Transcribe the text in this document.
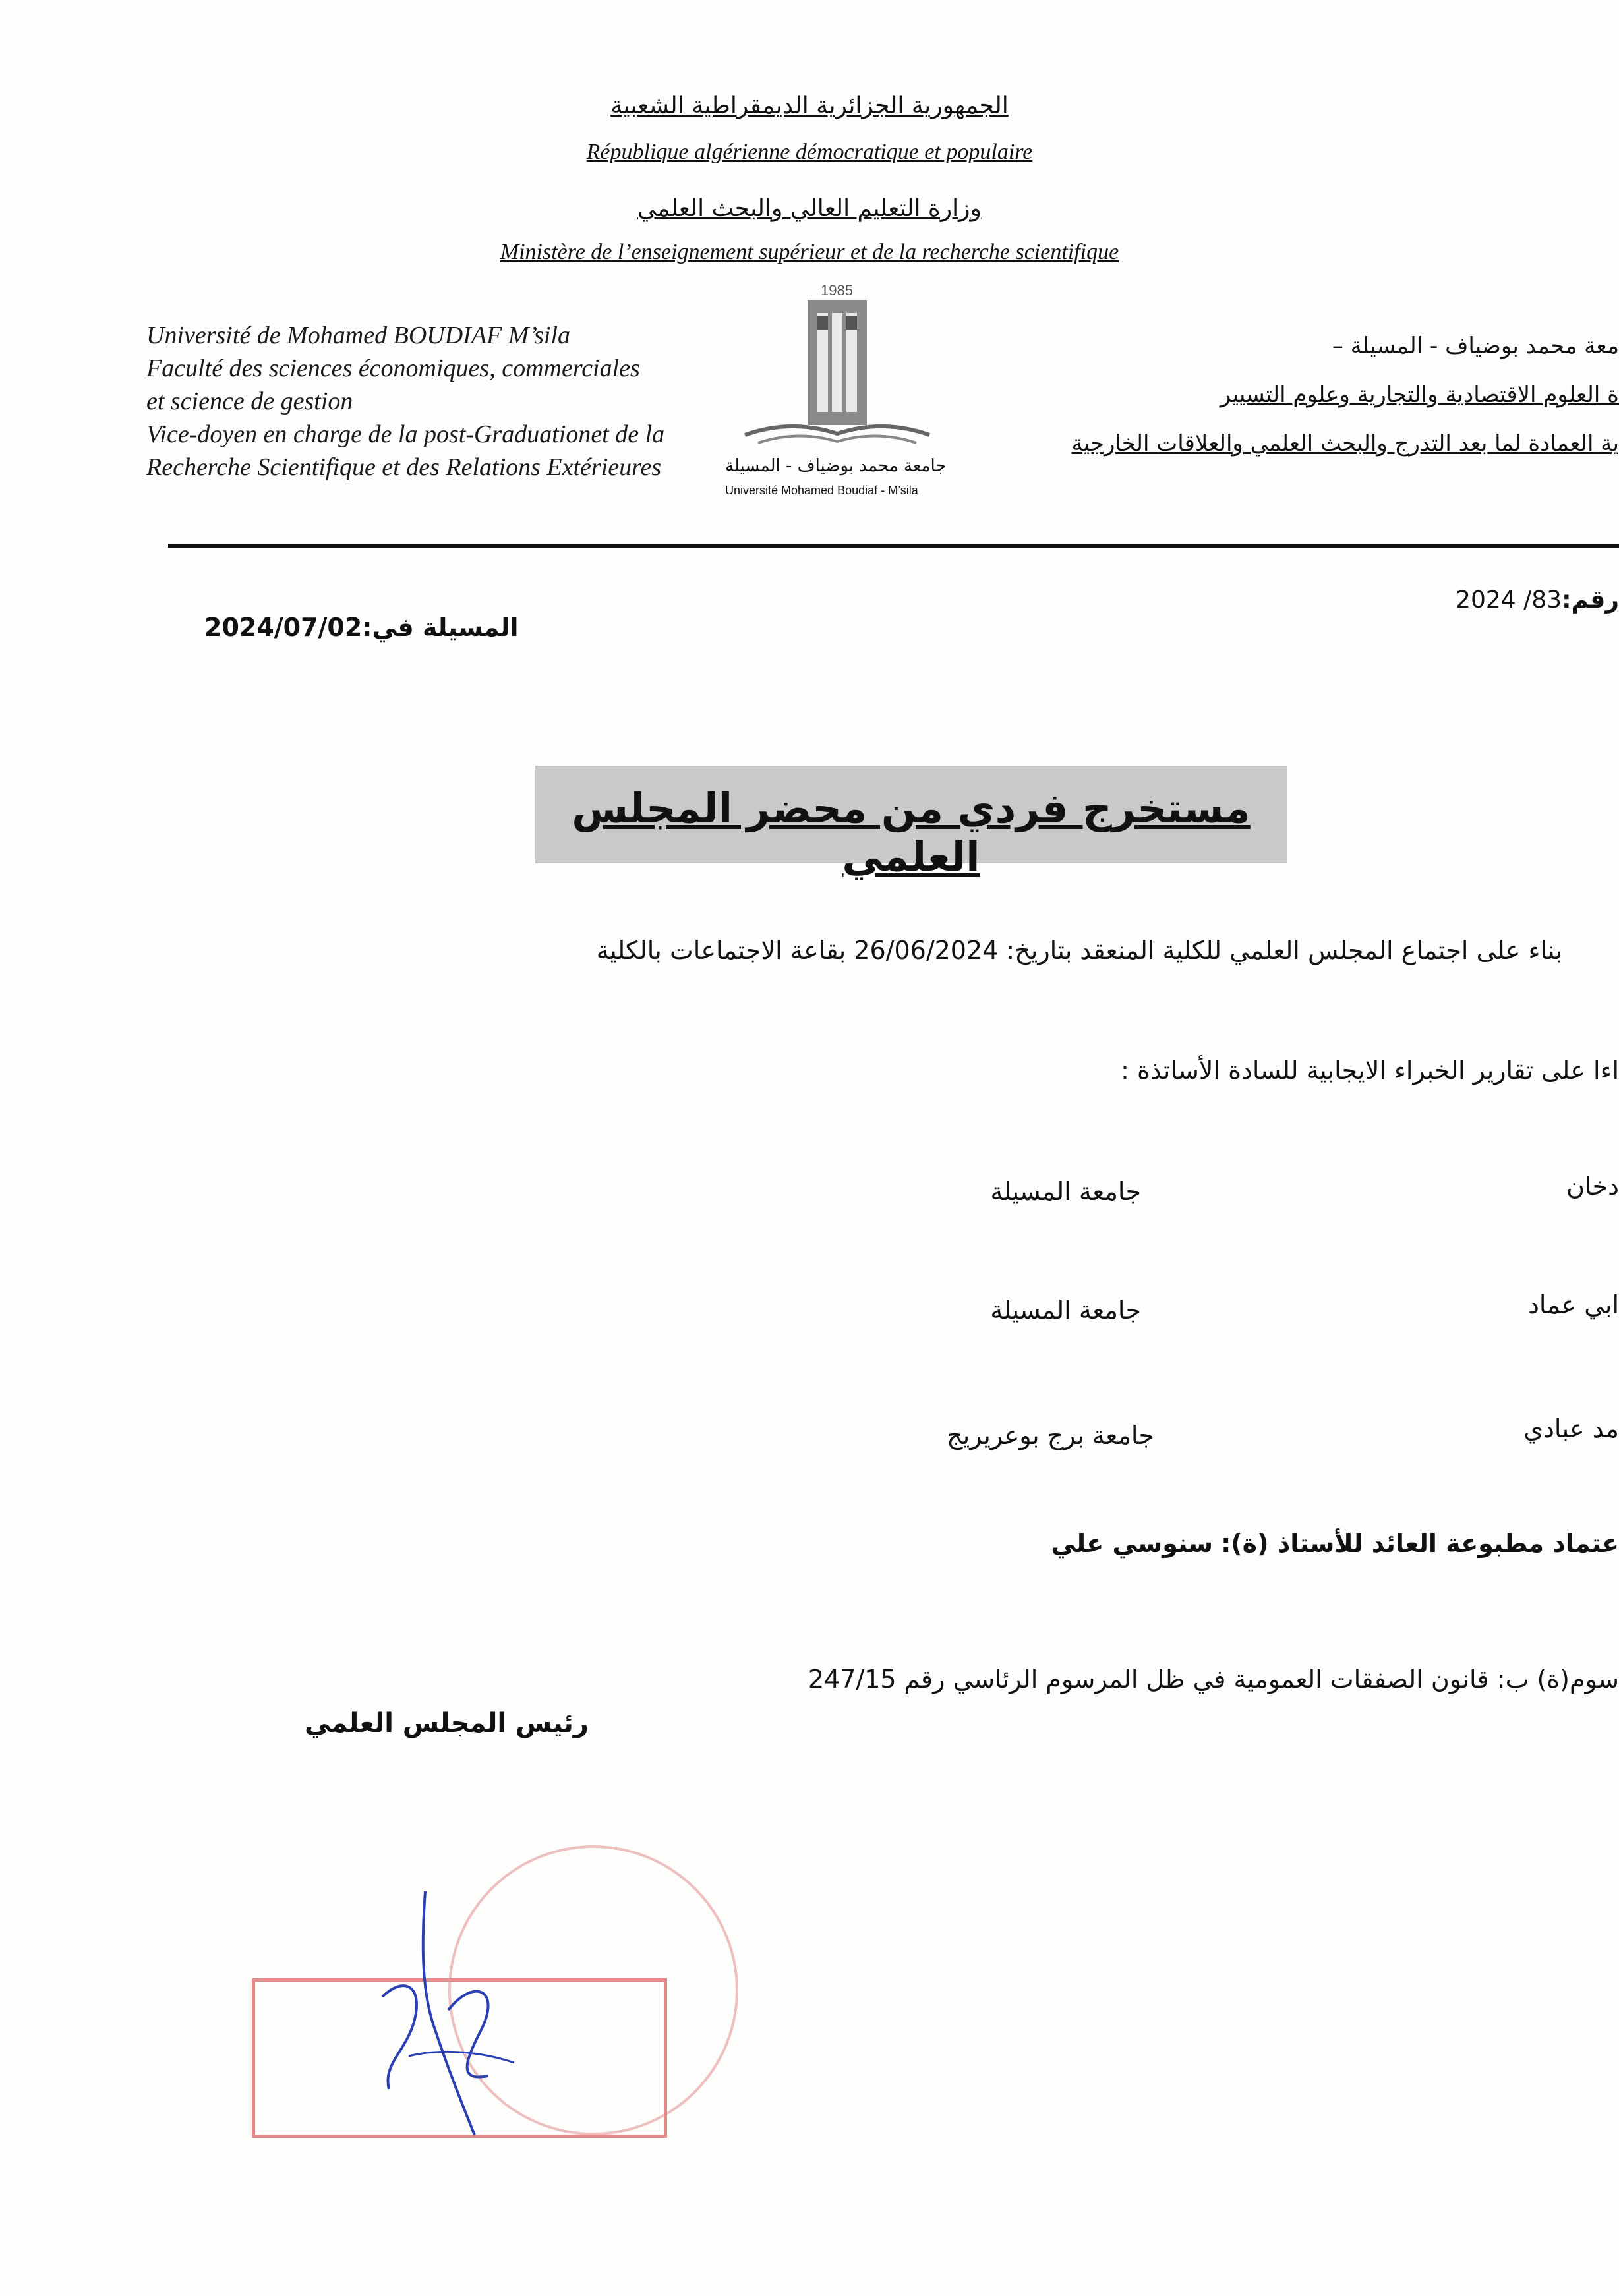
الجمهورية الجزائرية الديمقراطية الشعبية
République algérienne démocratique et populaire
وزارة التعليم العالي والبحث العلمي
Ministère de l’enseignement supérieur et de la recherche scientifique
Université de Mohamed BOUDIAF M’sila
Faculté des sciences économiques, commerciales
et science de gestion
Vice-doyen en charge de la post-Graduationet de la
Recherche Scientifique et des Relations Extérieures
1985
جامعة محمد بوضياف - المسيلة
Université Mohamed Boudiaf - M’sila
معة محمد بوضياف - المسيلة –
ة العلوم الاقتصادية والتجارية وعلوم التسيير
ية العمادة لما بعد التدرج والبحث العلمي والعلاقات الخارجية
رقم:83/ 2024
المسيلة في:2024/07/02
مستخرج فردي من محضر المجلس العلمي
بناء على اجتماع المجلس العلمي للكلية المنعقد بتاريخ: 26/06/2024 بقاعة الاجتماعات بالكلية
اءا على تقارير الخبراء الايجابية للسادة الأساتذة :
دخان
جامعة المسيلة
ابي عماد
جامعة المسيلة
مد عبادي
جامعة برج بوعريريج
عتماد مطبوعة العائد للأستاذ (ة): سنوسي علي
سوم(ة) ب: قانون الصفقات العمومية في ظل المرسوم الرئاسي رقم 247/15
رئيس المجلس العلمي
